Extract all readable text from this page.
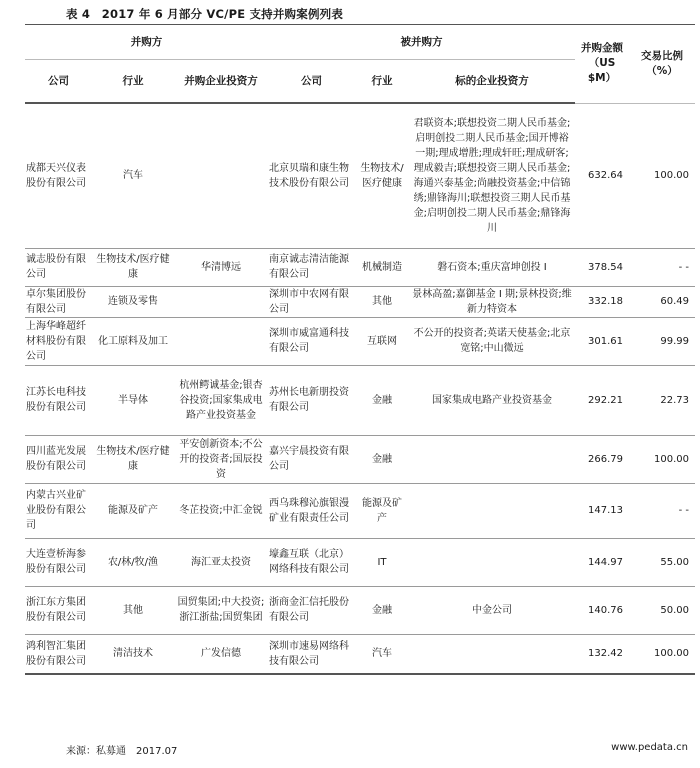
表 4　2017 年 6 月部分 VC/PE 支持并购案例列表
并购方			被并购方			并购金额（US $M）	交易比例（%）
公司	行业	并购企业投资方	公司	行业	标的企业投资方		
成都天兴仪表股份有限公司	汽车		北京贝瑞和康生物技术股份有限公司	生物技术/医疗健康	君联资本;联想投资二期人民币基金;启明创投二期人民币基金;国开博裕一期;理成增胜;理成轩旺;理成研客;理成毅吉;联想投资三期人民币基金;海通兴泰基金;尚融投资基金;中信锦绣;鼎锋海川;联想投资三期人民币基金;启明创投二期人民币基金;鼎锋海川	632.64	100.00
诚志股份有限公司	生物技术/医疗健康	华清博远	南京诚志清洁能源有限公司	机械制造	磐石资本;重庆富坤创投 I	378.54	- -
卓尔集团股份有限公司	连锁及零售		深圳市中农网有限公司	其他	景林高盈;嘉御基金 I 期;景林投资;维新力特资本	332.18	60.49
上海华峰超纤材料股份有限公司	化工原料及加工		深圳市威富通科技有限公司	互联网	不公开的投资者;英诺天使基金;北京宽铭;中山微远	301.61	99.99
江苏长电科技股份有限公司	半导体	杭州鳄诚基金;银杏谷投资;国家集成电路产业投资基金	苏州长电新朋投资有限公司	金融	国家集成电路产业投资基金	292.21	22.73
四川蓝光发展股份有限公司	生物技术/医疗健康	平安创新资本;不公开的投资者;国辰投资	嘉兴宇晨投资有限公司	金融		266.79	100.00
内蒙古兴业矿业股份有限公司	能源及矿产	冬芷投资;中汇金锐	西乌珠穆沁旗银漫矿业有限责任公司	能源及矿产		147.13	- -
大连壹桥海参股份有限公司	农/林/牧/渔	海汇亚太投资	壕鑫互联（北京）网络科技有限公司	IT		144.97	55.00
浙江东方集团股份有限公司	其他	国贸集团;中大投资;浙江浙盐;国贸集团	浙商金汇信托股份有限公司	金融	中金公司	140.76	50.00
鸿利智汇集团股份有限公司	清洁技术	广发信德	深圳市速易网络科技有限公司	汽车		132.42	100.00
来源：私募通　2017.07	www.pedata.cn
